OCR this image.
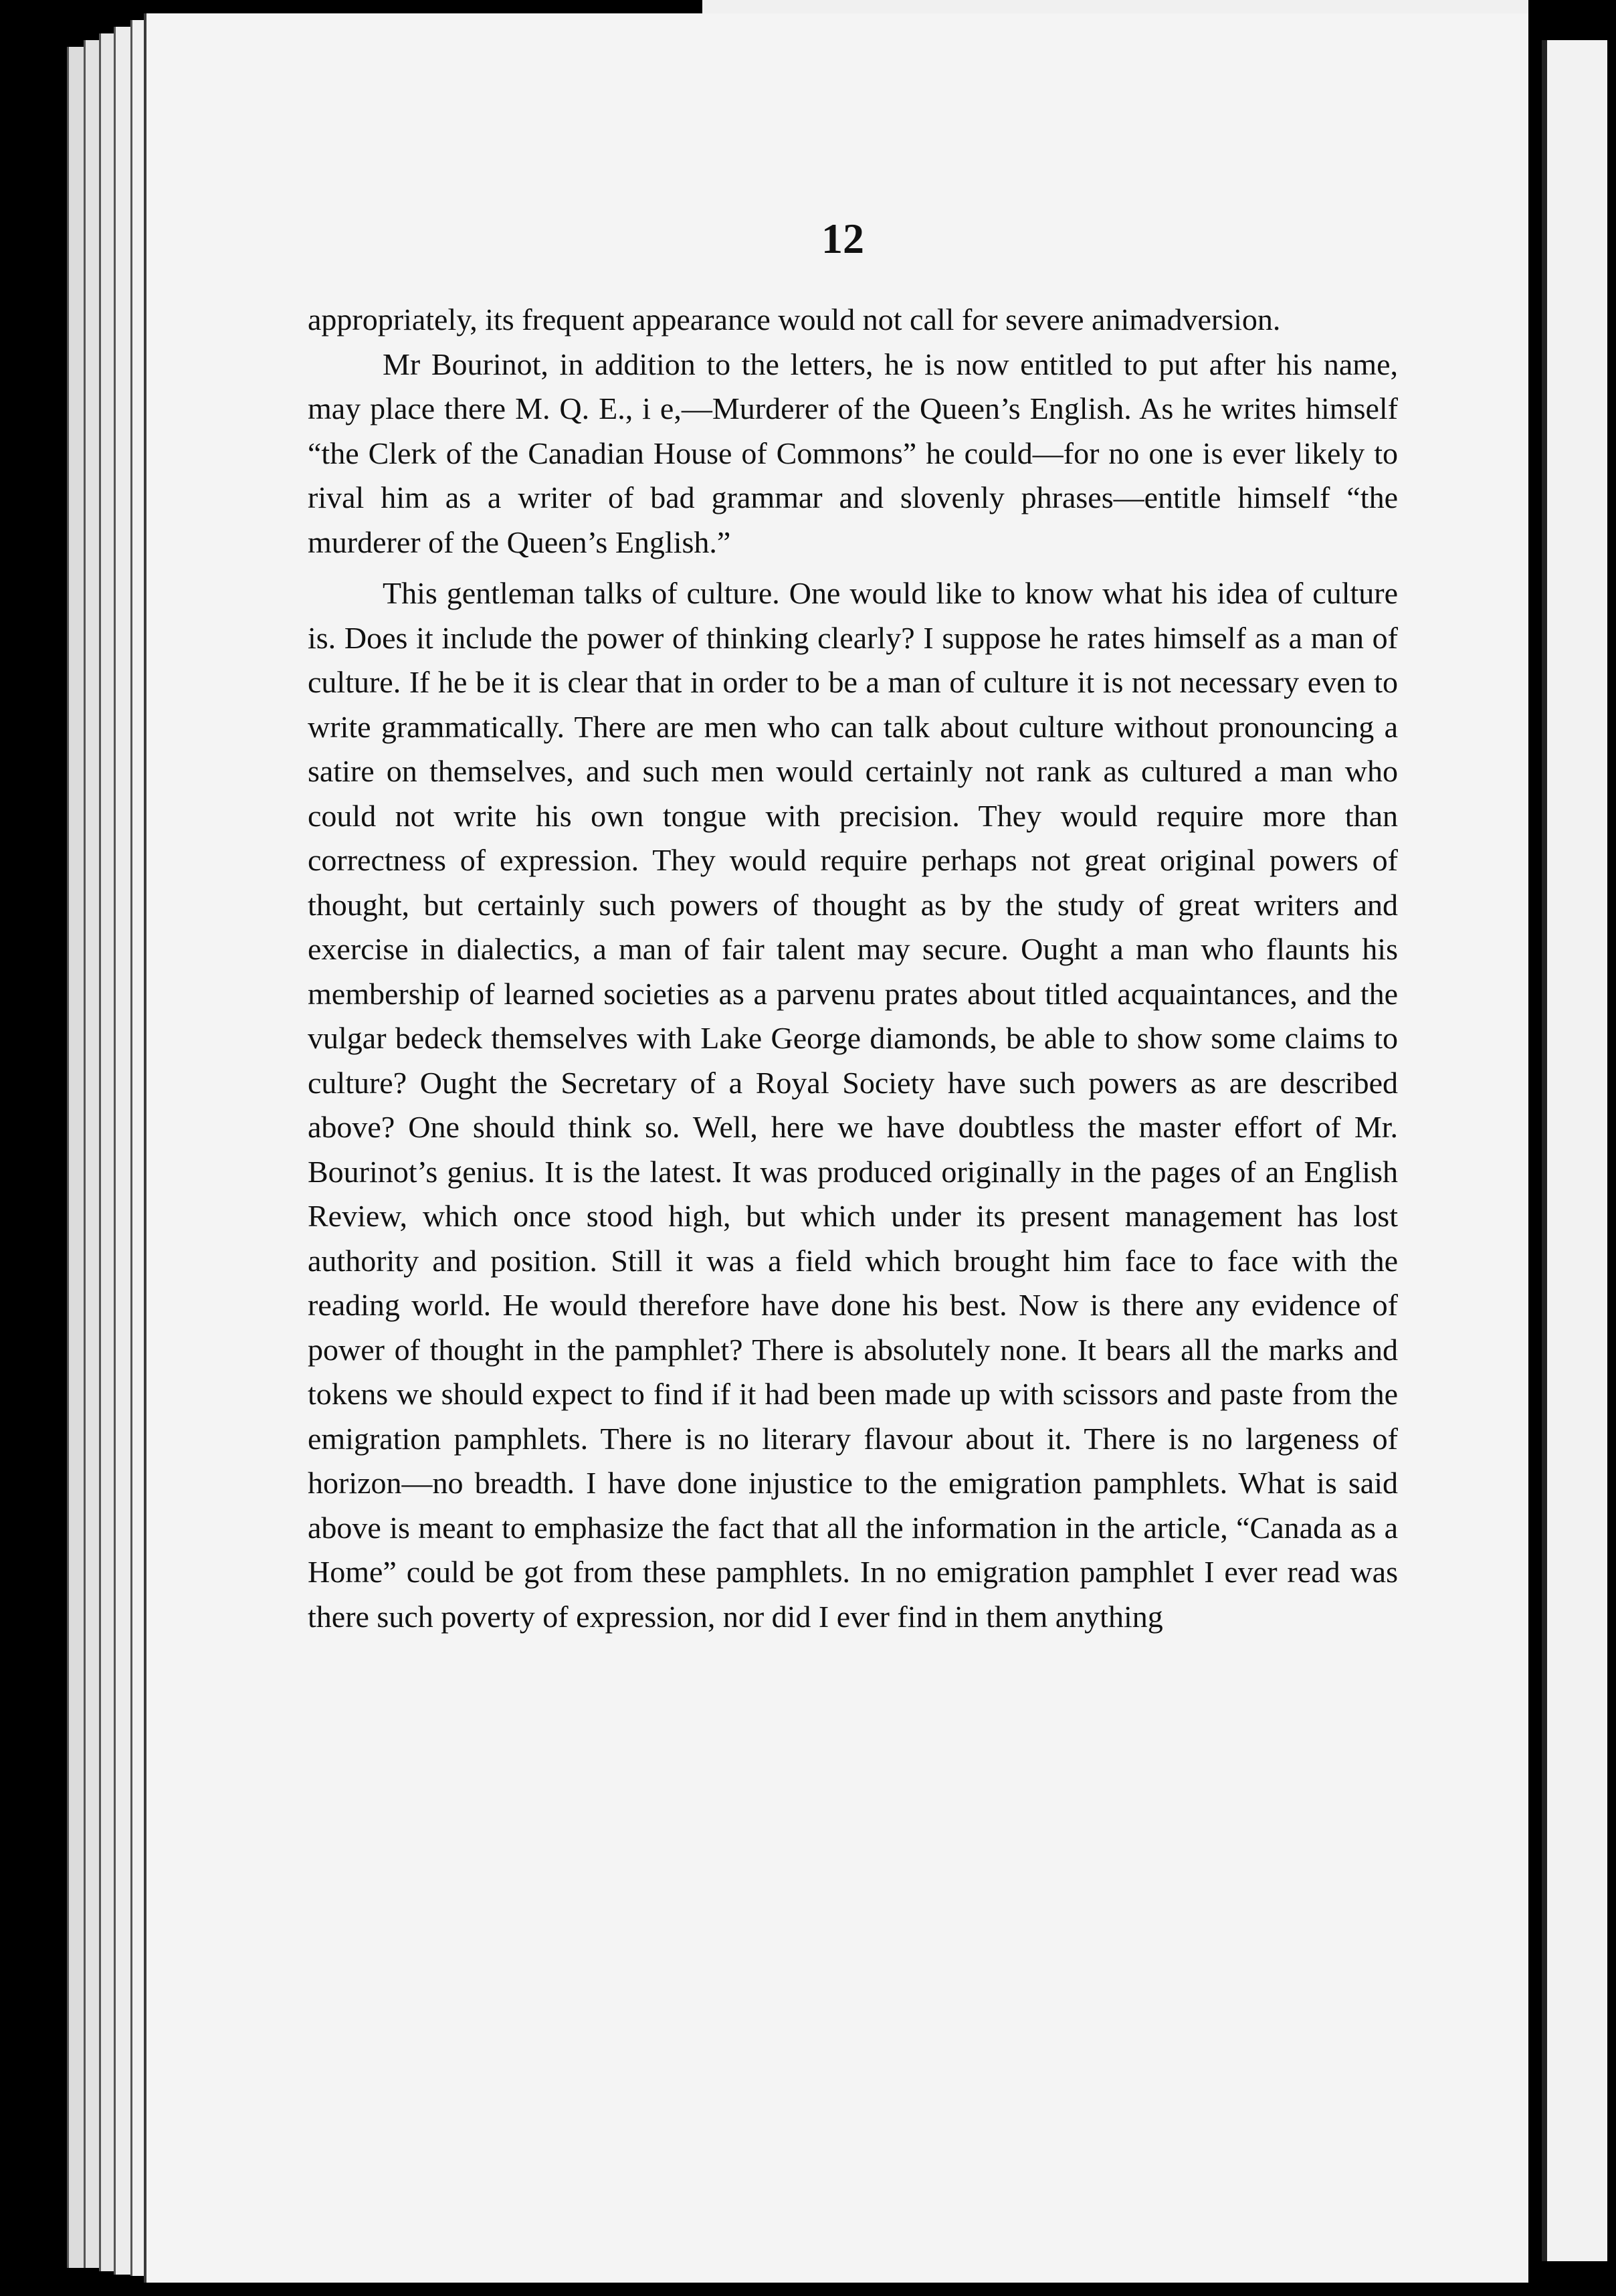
12

appropriately, its frequent appearance would not call for severe animadversion.

Mr Bourinot, in addition to the letters, he is now entitled to put after his name, may place there M. Q. E., i e,—Murderer of the Queen’s English. As he writes himself “the Clerk of the Canadian House of Commons” he could—for no one is ever likely to rival him as a writer of bad grammar and slovenly phrases—entitle himself “the murderer of the Queen’s English.”

This gentleman talks of culture. One would like to know what his idea of culture is. Does it include the power of thinking clearly? I suppose he rates himself as a man of culture. If he be it is clear that in order to be a man of culture it is not necessary even to write grammatically. There are men who can talk about culture without pronouncing a satire on themselves, and such men would certainly not rank as cultured a man who could not write his own tongue with precision. They would require more than correctness of expression. They would require perhaps not great original powers of thought, but certainly such powers of thought as by the study of great writers and exercise in dialectics, a man of fair talent may secure. Ought a man who flaunts his membership of learned societies as a parvenu prates about titled acquaintances, and the vulgar bedeck themselves with Lake George diamonds, be able to show some claims to culture? Ought the Secretary of a Royal Society have such powers as are described above? One should think so. Well, here we have doubtless the master effort of Mr. Bourinot’s genius. It is the latest. It was produced originally in the pages of an English Review, which once stood high, but which under its present management has lost authority and position. Still it was a field which brought him face to face with the reading world. He would therefore have done his best. Now is there any evidence of power of thought in the pamphlet? There is absolutely none. It bears all the marks and tokens we should expect to find if it had been made up with scissors and paste from the emigration pamphlets. There is no literary flavour about it. There is no largeness of horizon—no breadth. I have done injustice to the emigration pamphlets. What is said above is meant to emphasize the fact that all the information in the article, “Canada as a Home” could be got from these pamphlets. In no emigration pamphlet I ever read was there such poverty of expression, nor did I ever find in them anything
